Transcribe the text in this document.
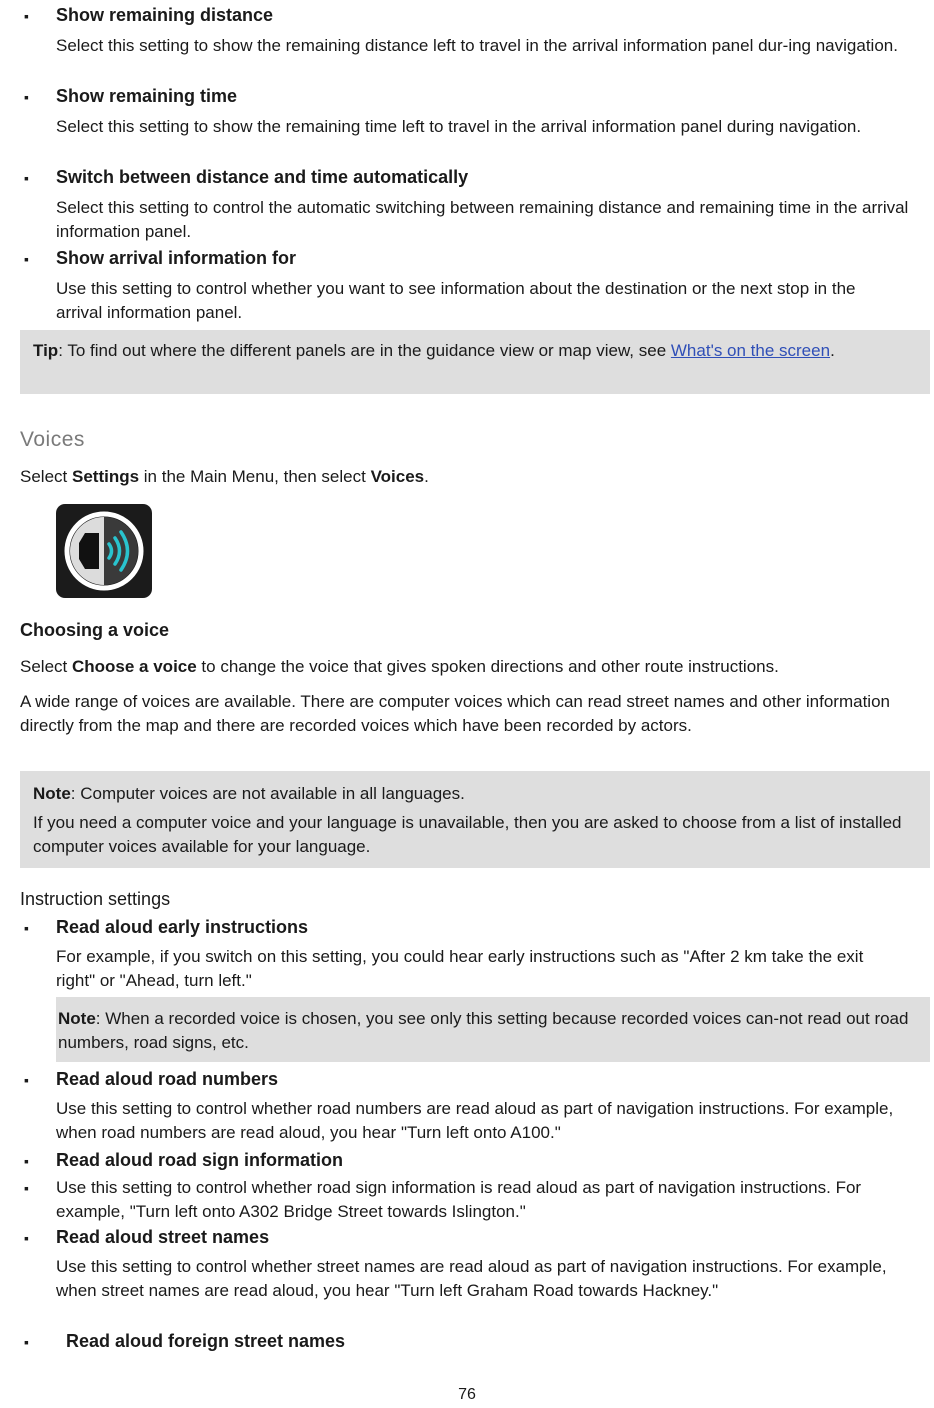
▪ Show remaining distance
Select this setting to show the remaining distance left to travel in the arrival information panel dur-ing navigation.
▪ Show remaining time
Select this setting to show the remaining time left to travel in the arrival information panel during navigation.
▪ Switch between distance and time automatically
Select this setting to control the automatic switching between remaining distance and remaining time in the arrival information panel.
▪ Show arrival information for
Use this setting to control whether you want to see information about the destination or the next stop in the arrival information panel.
Tip: To find out where the different panels are in the guidance view or map view, see What's on the screen.
Voices
Select Settings in the Main Menu, then select Voices.
Choosing a voice
Select Choose a voice to change the voice that gives spoken directions and other route instructions.
A wide range of voices are available. There are computer voices which can read street names and other information directly from the map and there are recorded voices which have been recorded by actors.
Note: Computer voices are not available in all languages.
If you need a computer voice and your language is unavailable, then you are asked to choose from a list of installed computer voices available for your language.
Instruction settings
▪ Read aloud early instructions
For example, if you switch on this setting, you could hear early instructions such as "After 2 km take the exit right" or "Ahead, turn left."
Note: When a recorded voice is chosen, you see only this setting because recorded voices can-not read out road numbers, road signs, etc.
▪ Read aloud road numbers
Use this setting to control whether road numbers are read aloud as part of navigation instructions. For example, when road numbers are read aloud, you hear "Turn left onto A100."
▪ Read aloud road sign information
▪ Use this setting to control whether road sign information is read aloud as part of navigation instructions. For example, "Turn left onto A302 Bridge Street towards Islington."
▪ Read aloud street names
Use this setting to control whether street names are read aloud as part of navigation instructions. For example, when street names are read aloud, you hear "Turn left Graham Road towards Hackney."
▪ Read aloud foreign street names
76
